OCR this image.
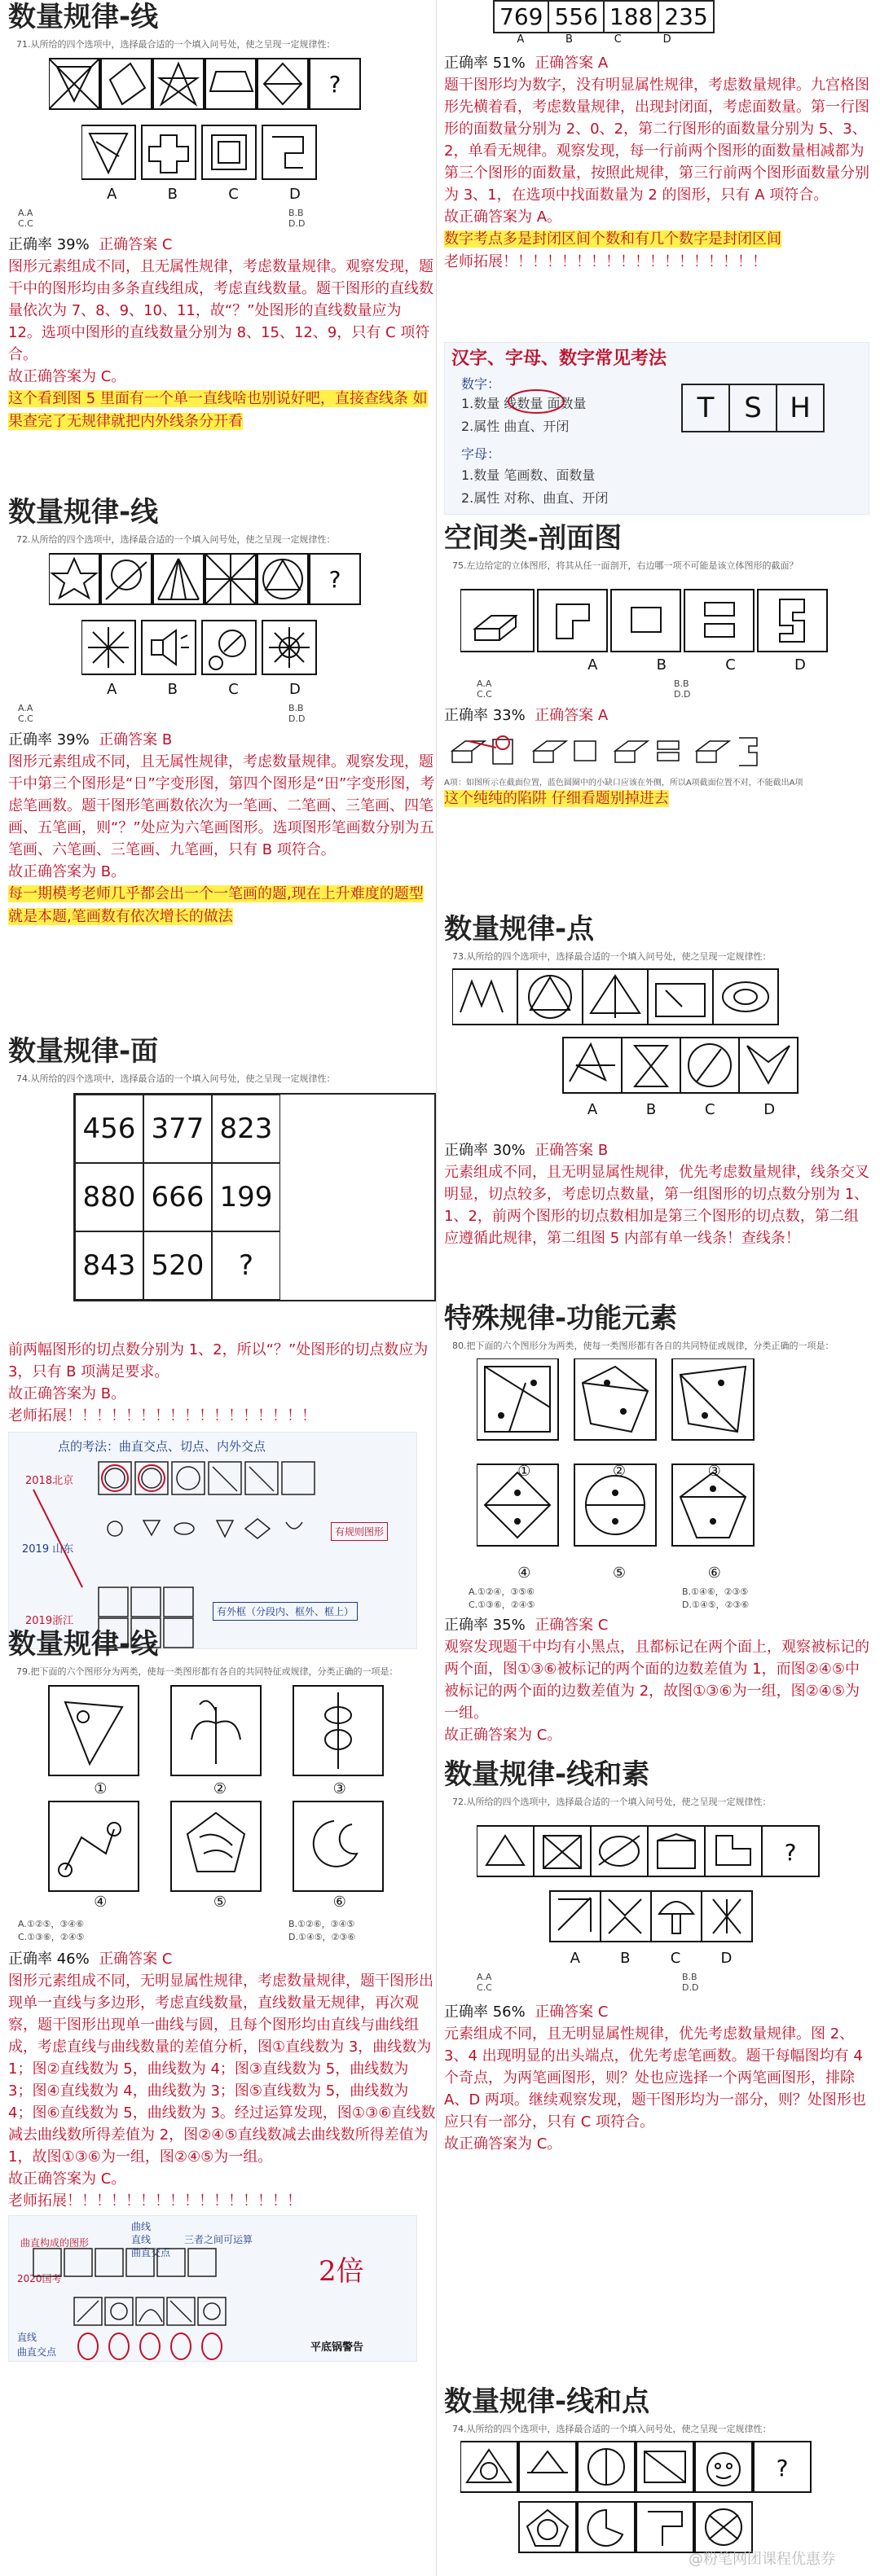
数量规律-线
71.从所给的四个选项中，选择最合适的一个填入问号处，使之呈现一定规律性：
?
A	B	C	D
A.A
C.C
B.B
D.D
正确率 39% 正确答案 C
图形元素组成不同，且无属性规律，考虑数量规律。观察发现，题干中的图形均由多条直线组成，考虑直线数量。题干图形的直线数量依次为 7、8、9、10、11，故“？”处图形的直线数量应为 12。选项中图形的直线数量分别为 8、15、12、9，只有 C 项符合。
故正确答案为 C。
这个看到图 5 里面有一个单一直线啥也别说好吧，直接查线条 如果查完了无规律就把内外线条分开看
数量规律-线
72.从所给的四个选项中，选择最合适的一个填入问号处，使之呈现一定规律性：
?
A	B	C	D
A.A
C.C
B.B
D.D
正确率 39% 正确答案 B
图形元素组成不同，且无属性规律，考虑数量规律。观察发现，题干中第三个图形是“日”字变形图，第四个图形是“田”字变形图，考虑笔画数。题干图形笔画数依次为一笔画、二笔画、三笔画、四笔画、五笔画，则“？”处应为六笔画图形。选项图形笔画数分别为五笔画、六笔画、三笔画、九笔画，只有 B 项符合。
故正确答案为 B。
每一期模考老师几乎都会出一个一笔画的题,现在上升难度的题型就是本题,笔画数有依次增长的做法
数量规律-面
74.从所给的四个选项中，选择最合适的一个填入问号处，使之呈现一定规律性：
456 377 823
880 666 199
843 520	?
前两幅图形的切点数分别为 1、2，所以“？”处图形的切点数应为 3，只有 B 项满足要求。
故正确答案为 B。
老师拓展！！！！！！！！！！！！！！！！！
点的考法：曲直交点、切点、内外交点
2018北京
2019 山东
2019浙江
有规则图形
有外框（分段内、框外、框上）
数量规律-线
79.把下面的六个图形分为两类，使每一类图形都有各自的共同特征或规律，分类正确的一项是：
①	②	③
④	⑤	⑥
A.①②⑤，③④⑥
C.①③⑥，②④⑤
B.①②⑥，③④⑤
D.①④⑤，②③⑥
正确率 46% 正确答案 C
图形元素组成不同，无明显属性规律，考虑数量规律，题干图形出现单一直线与多边形，考虑直线数量，直线数量无规律，再次观察，题干图形出现单一曲线与圆，且每个图形均由直线与曲线组成，考虑直线与曲线数量的差值分析，图①直线数为 3，曲线数为 1；图②直线数为 5，曲线数为 4；图③直线数为 5，曲线数为 3；图④直线数为 4，曲线数为 3；图⑤直线数为 5，曲线数为 4；图⑥直线数为 5，曲线数为 3。经过运算发现，图①③⑥直线数减去曲线数所得差值为 2，图②④⑤直线数减去曲线数所得差值为 1，故图①③⑥为一组，图②④⑤为一组。
故正确答案为 C。
老师拓展！！！！！！！！！！！！！！！！
曲直构成的图形
曲线
直线
曲直交点
三者之间可运算
2020国考
直线
曲直交点
2倍
平底锅警告
769 556 188 235
A	B	C	D
正确率 51% 正确答案 A
题干图形均为数字，没有明显属性规律，考虑数量规律。九宫格图形先横着看，考虑数量规律，出现封闭面，考虑面数量。第一行图形的面数量分别为 2、0、2，第二行图形的面数量分别为 5、3、2，单看无规律。观察发现，每一行前两个图形的面数量相减都为第三个图形的面数量，按照此规律，第三行前两个图形面数量分别为 3、1，在选项中找面数量为 2 的图形，只有 A 项符合。
故正确答案为 A。
数字考点多是封闭区间个数和有几个数字是封闭区间
老师拓展！！！！！！！！！！！！！！！！！！
汉字、字母、数字常见考法
数字：
1.数量 线数量 面数量
2.属性 曲直、开闭
字母：
1.数量 笔画数、面数量
2.属性 对称、曲直、开闭
T	S	H
空间类-剖面图
75.左边给定的立体图形，将其从任一面剖开，右边哪一项不可能是该立体图形的截面？
A	B	C	D
A.A
C.C
B.B
D.D
正确率 33% 正确答案 A
A项：如图所示在截面位置，蓝色圆圈中的小缺口应该在外侧，所以A项截面位置不对，不能截出A项
这个纯纯的陷阱 仔细看题别掉进去
数量规律-点
73.从所给的四个选项中，选择最合适的一个填入问号处，使之呈现一定规律性：
A	B	C	D
正确率 30% 正确答案 B
元素组成不同，且无明显属性规律，优先考虑数量规律，线条交叉明显，切点较多，考虑切点数量，第一组图形的切点数分别为 1、1、2，前两个图形的切点数相加是第三个图形的切点数，第二组应遵循此规律，第二组图 5 内部有单一线条！查线条！
特殊规律-功能元素
80.把下面的六个图形分为两类，使每一类图形都有各自的共同特征或规律，分类正确的一项是：
①	②	③
④	⑤	⑥
A.①②④，③⑤⑥
C.①③⑥，②④⑤
B.①④⑥，②③⑤
D.①④⑤，②③⑥
正确率 35% 正确答案 C
观察发现题干中均有小黑点，且都标记在两个面上，观察被标记的两个面，图①③⑥被标记的两个面的边数差值为 1，而图②④⑤中被标记的两个面的边数差值为 2，故图①③⑥为一组，图②④⑤为一组。
故正确答案为 C。
数量规律-线和素
72.从所给的四个选项中，选择最合适的一个填入问号处，使之呈现一定规律性：
?
A	B	C	D
A.A
C.C
B.B
D.D
正确率 56% 正确答案 C
元素组成不同，且无明显属性规律，优先考虑数量规律。图 2、3、4 出现明显的出头端点，优先考虑笔画数。题干每幅图均有 4 个奇点，为两笔画图形，则？处也应选择一个两笔画图形，排除 A、D 两项。继续观察发现，题干图形均为一部分，则？处图形也应只有一部分，只有 C 项符合。
故正确答案为 C。
数量规律-线和点
74.从所给的四个选项中，选择最合适的一个填入问号处，使之呈现一定规律性：
?
@粉笔网团课程优惠券
